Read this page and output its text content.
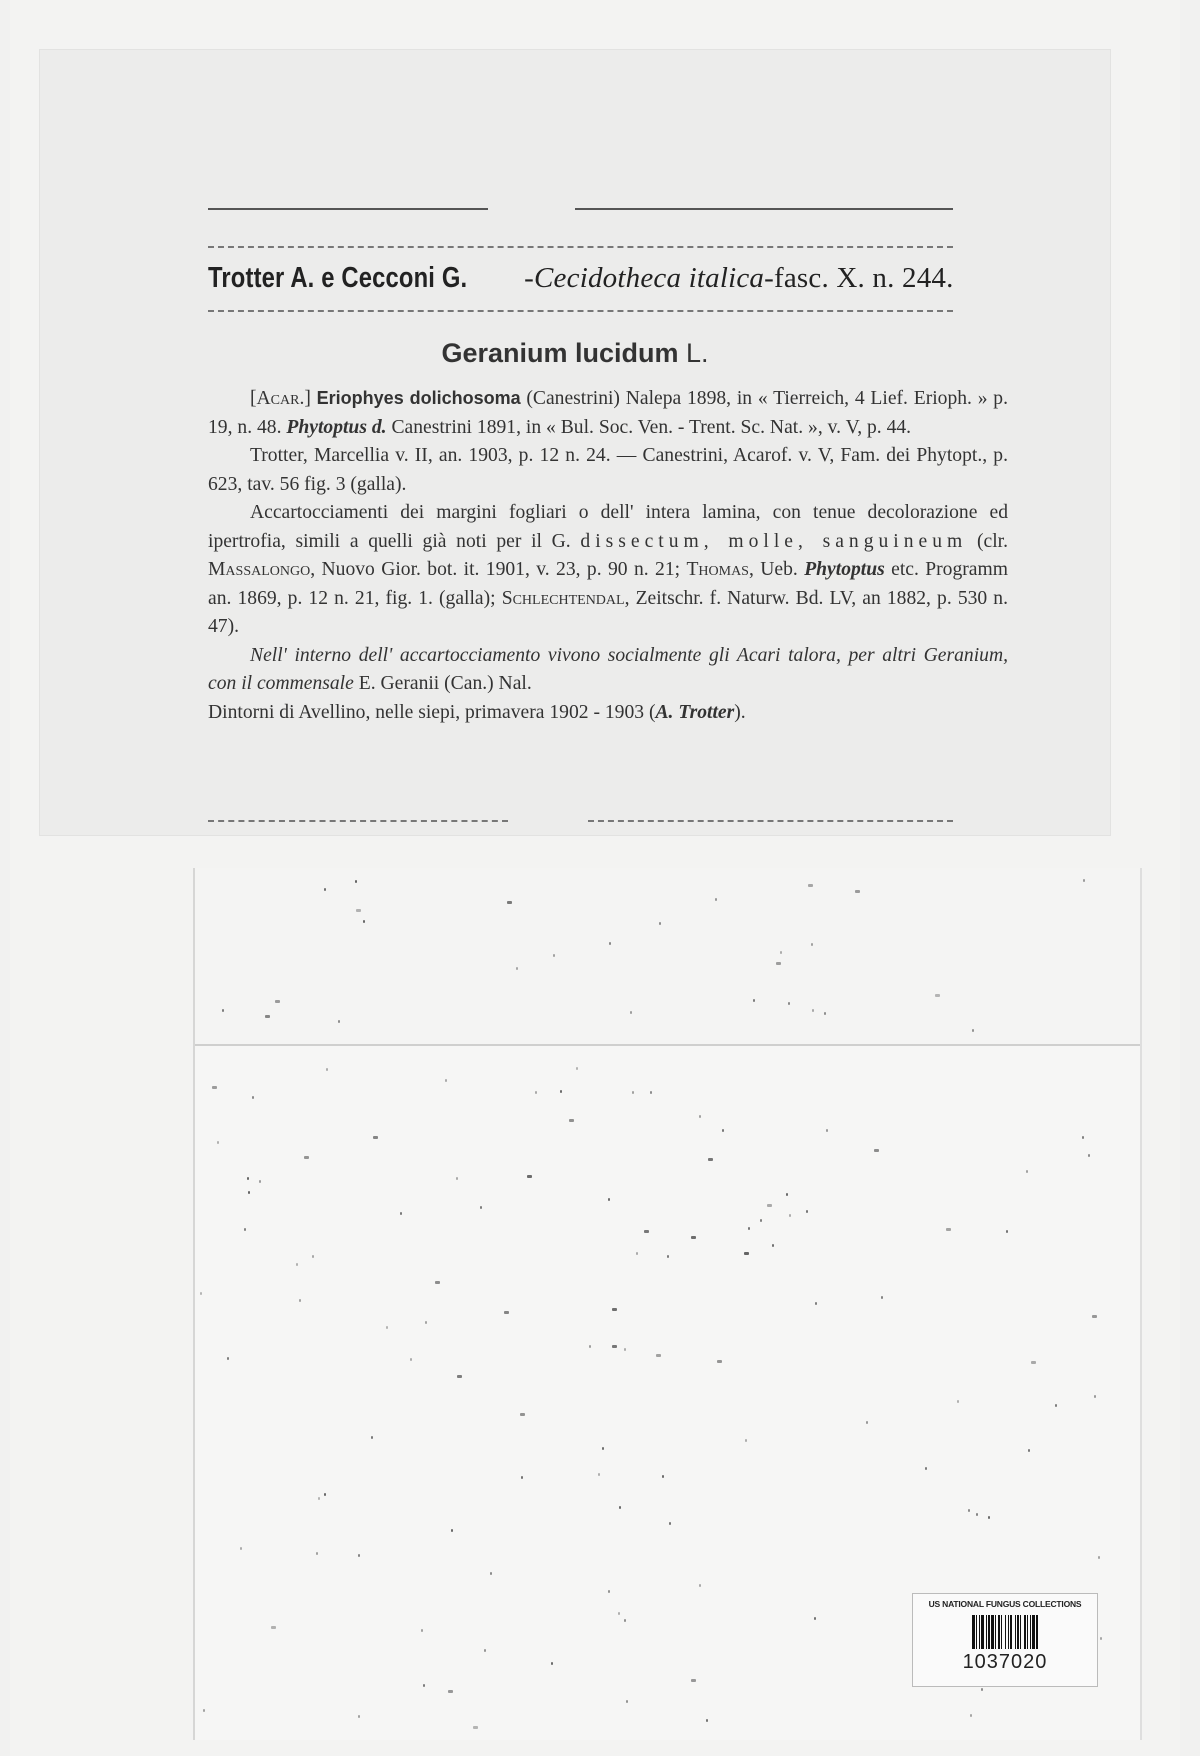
Trotter A. e Cecconi G. -Cecidotheca italica-fasc. X. n. 244.
Geranium lucidum L.

[Acar.] Eriophyes dolichosoma (Canestrini) Nalepa 1898, in « Tierreich, 4 Lief. Erioph. » p. 19, n. 48. Phytoptus d. Canestrini 1891, in « Bul. Soc. Ven. - Trent. Sc. Nat. », v. V, p. 44.

Trotter, Marcellia v. II, an. 1903, p. 12 n. 24. — Canestrini, Acarof. v. V, Fam. dei Phytopt., p. 623, tav. 56 fig. 3 (galla).

Accartocciamenti dei margini fogliari o dell' intera lamina, con tenue decolorazione ed ipertrofia, simili a quelli già noti per il G. dissectum, molle, sanguineum (clr. Massalongo, Nuovo Gior. bot. it. 1901, v. 23, p. 90 n. 21; Thomas, Ueb. Phytoptus etc. Programm an. 1869, p. 12 n. 21, fig. 1. (galla); Schlechtendal, Zeitschr. f. Naturw. Bd. LV, an 1882, p. 530 n. 47).

Nell' interno dell' accartocciamento vivono socialmente gli Acari talora, per altri Geranium, con il commensale E. Geranii (Can.) Nal.

Dintorni di Avellino, nelle siepi, primavera 1902 - 1903 (A. Trotter).

US NATIONAL FUNGUS COLLECTIONS
1037020
